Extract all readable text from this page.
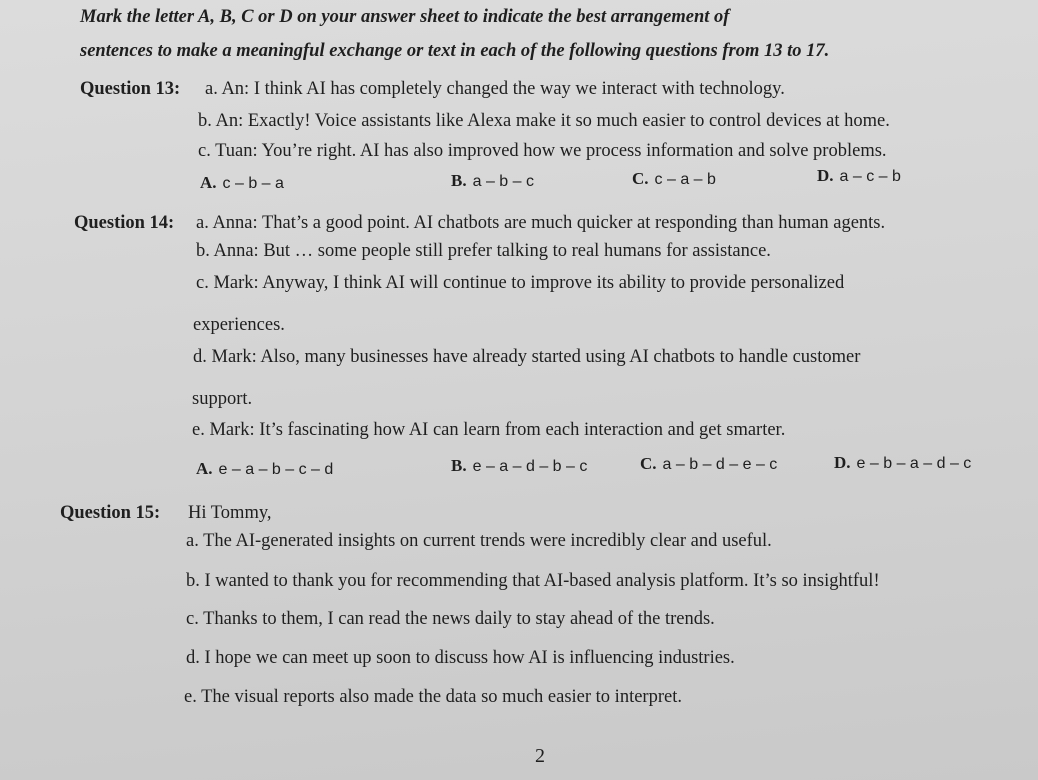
Mark the letter A, B, C or D on your answer sheet to indicate the best arrangement of
sentences to make a meaningful exchange or text in each of the following questions from 13 to 17.
Question 13: a. An: I think AI has completely changed the way we interact with technology.
b. An: Exactly! Voice assistants like Alexa make it so much easier to control devices at home.
c. Tuan: You’re right. AI has also improved how we process information and solve problems.
A. c – b – a	B. a – b – c	C. c – a – b	D. a – c – b
Question 14: a. Anna: That’s a good point. AI chatbots are much quicker at responding than human agents.
b. Anna: But … some people still prefer talking to real humans for assistance.
c. Mark: Anyway, I think AI will continue to improve its ability to provide personalized
experiences.
d. Mark: Also, many businesses have already started using AI chatbots to handle customer
support.
e. Mark: It’s fascinating how AI can learn from each interaction and get smarter.
A. e – a – b – c – d	B. e – a – d – b – c	C. a – b – d – e – c	D. e – b – a – d – c
Question 15: Hi Tommy,
a. The AI-generated insights on current trends were incredibly clear and useful.
b. I wanted to thank you for recommending that AI-based analysis platform. It’s so insightful!
c. Thanks to them, I can read the news daily to stay ahead of the trends.
d. I hope we can meet up soon to discuss how AI is influencing industries.
e. The visual reports also made the data so much easier to interpret.
2
